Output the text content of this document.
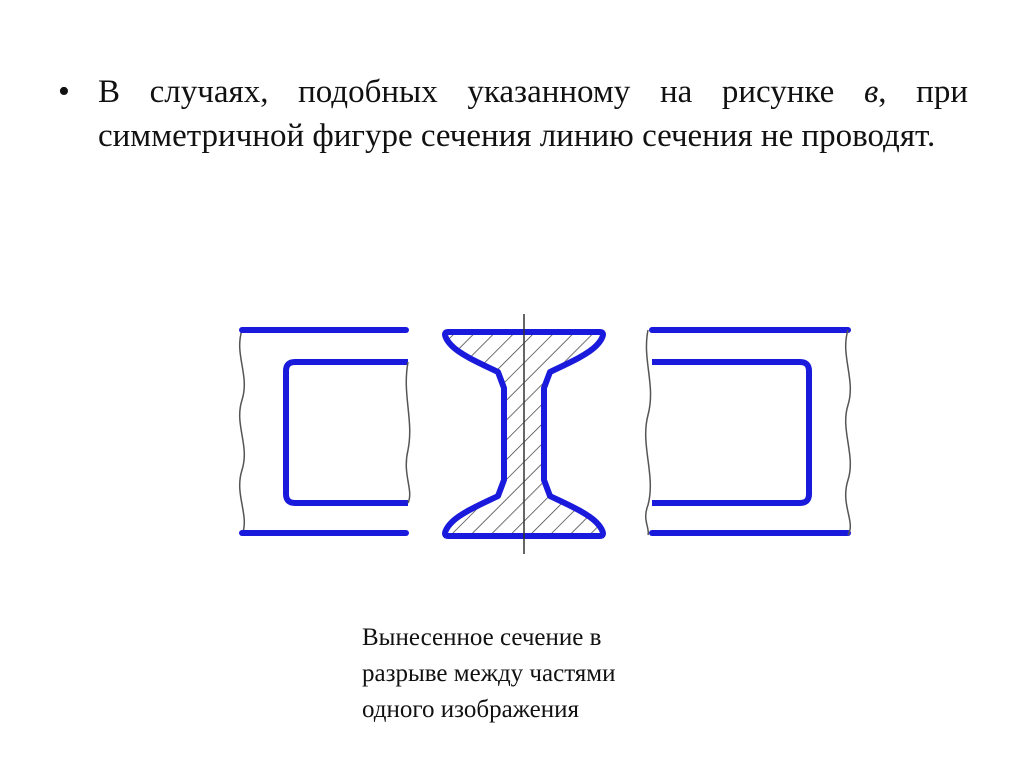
• В случаях, подобных указанному на рисунке в, при симметричной фигуре сечения линию сечения не проводят.
Вынесенное сечение в
разрыве между частями
одного изображения
